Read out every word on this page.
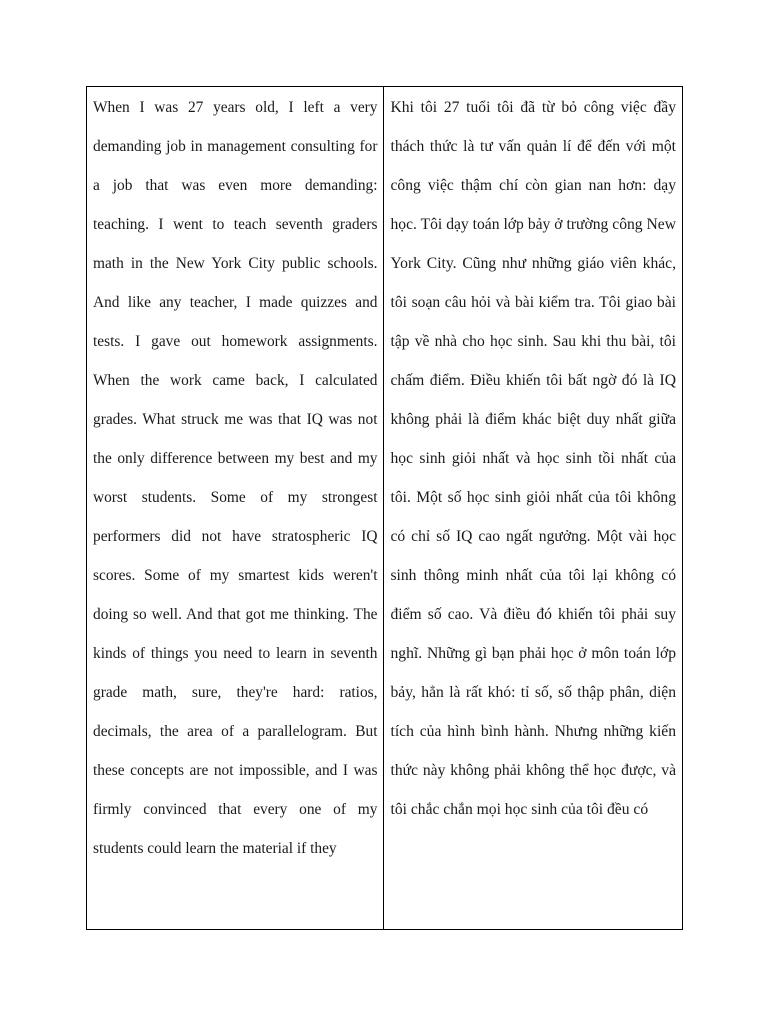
When I was 27 years old, I left a very demanding job in management consulting for a job that was even more demanding: teaching. I went to teach seventh graders math in the New York City public schools. And like any teacher, I made quizzes and tests. I gave out homework assignments. When the work came back, I calculated grades. What struck me was that IQ was not the only difference between my best and my worst students. Some of my strongest performers did not have stratospheric IQ scores. Some of my smartest kids weren't doing so well. And that got me thinking. The kinds of things you need to learn in seventh grade math, sure, they're hard: ratios, decimals, the area of a parallelogram. But these concepts are not impossible, and I was firmly convinced that every one of my students could learn the material if they

Khi tôi 27 tuổi tôi đã từ bỏ công việc đầy thách thức là tư vấn quản lí để đến với một công việc thậm chí còn gian nan hơn: dạy học. Tôi dạy toán lớp bảy ở trường công New York City. Cũng như những giáo viên khác, tôi soạn câu hỏi và bài kiểm tra. Tôi giao bài tập về nhà cho học sinh. Sau khi thu bài, tôi chấm điểm. Điều khiến tôi bất ngờ đó là IQ không phải là điểm khác biệt duy nhất giữa học sinh giỏi nhất và học sinh tồi nhất của tôi. Một số học sinh giỏi nhất của tôi không có chỉ số IQ cao ngất ngưởng. Một vài học sinh thông minh nhất của tôi lại không có điểm số cao. Và điều đó khiến tôi phải suy nghĩ. Những gì bạn phải học ở môn toán lớp bảy, hẳn là rất khó: tỉ số, số thập phân, diện tích của hình bình hành. Nhưng những kiến thức này không phải không thể học được, và tôi chắc chắn mọi học sinh của tôi đều có
